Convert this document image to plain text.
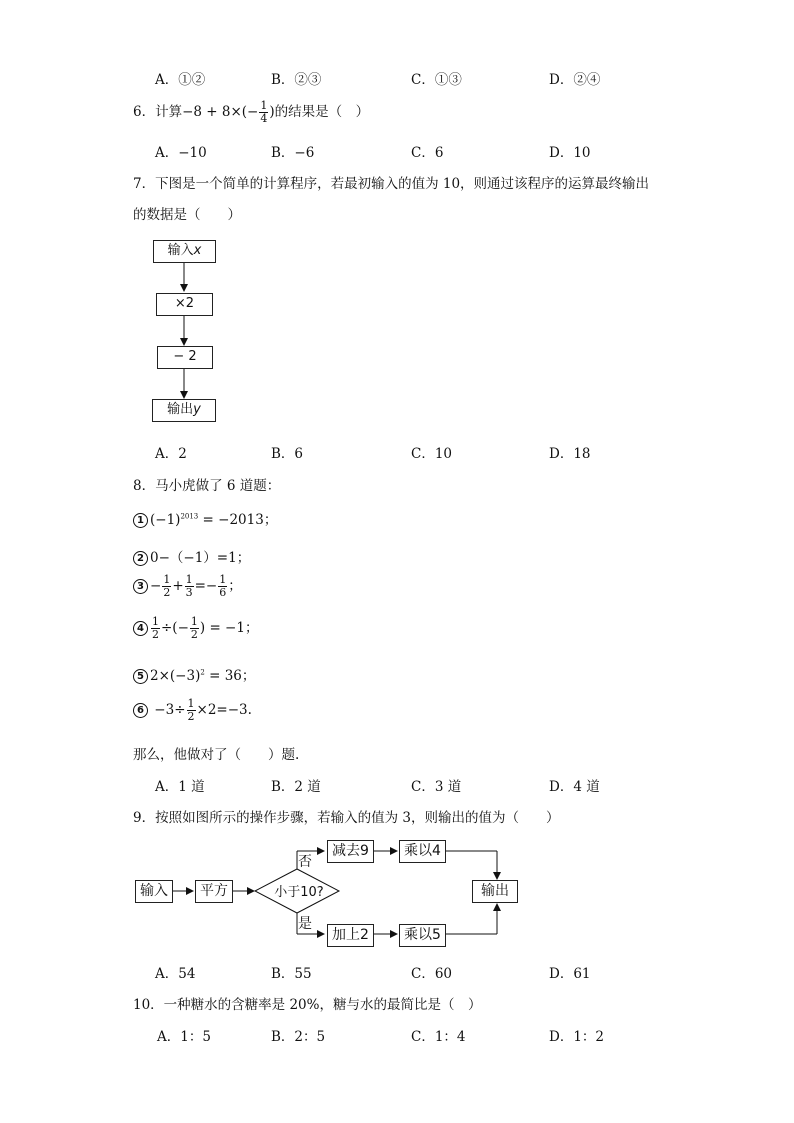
A．①②	B．②③	C．①③	D．②④
6．计算$-8 + 8\times(- \frac{1}{4}$ )的结果是（　）
A．−10	B．−6	C．6	D．10
7．下图是一个简单的计算程序，若最初输入的值为 10，则通过该程序的运算最终输出
的数据是（　　）
输入x
×2
− 2
输出y
A．2	B．6	C．10	D．18
8．马小虎做了 6 道题：
1 $(-1)^{2013} = -2013$；
2 0−（−1）=1；
$3 - \frac{1}{2} + \frac{1}{3} =- \frac{1}{6}$ ；
$4 \frac{1}{2}$ ÷(− $\frac{1}{2}$ ) = −1；
5 $2\times(-3)^2 = 36$；
$6 -3\div \frac{1}{2} \times 2=-3$.
那么，他做对了（　　）题.
A．1 道	B．2 道	C．3 道	D．4 道
9．按照如图所示的操作步骤，若输入的值为 3，则输出的值为（　　）
输入	平方	小于10?
否
是
减去9	乘以4
输出
加上2	乘以5
A．54	B．55	C．60	D．61
10．一种糖水的含糖率是 20%，糖与水的最简比是（　）
A．1：5	B．2：5	C．1：4	D．1：2
